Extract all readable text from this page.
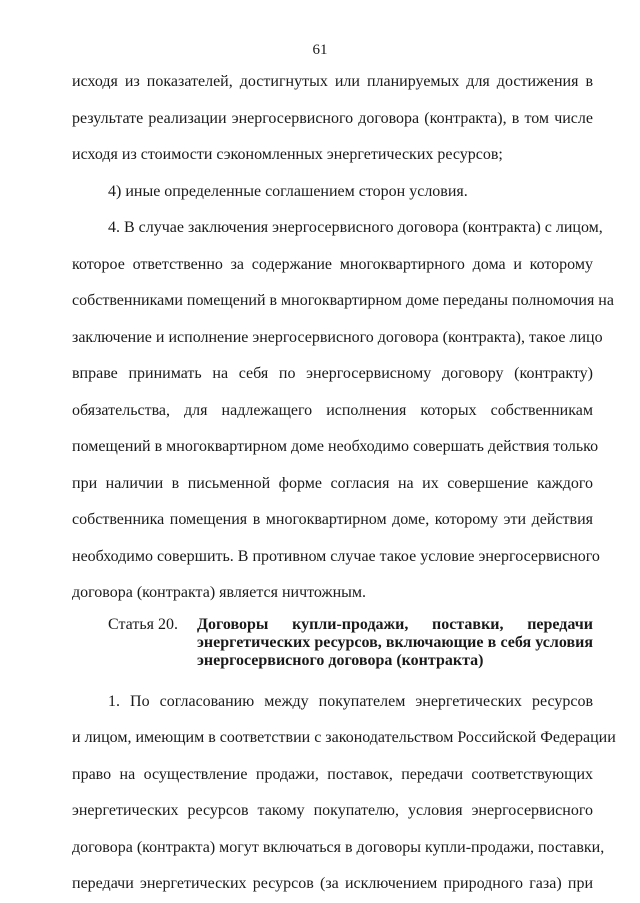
61
исходя из показателей, достигнутых или планируемых для достижения в
результате реализации энергосервисного договора (контракта), в том числе
исходя из стоимости сэкономленных энергетических ресурсов;
4) иные определенные соглашением сторон условия.
4. В случае заключения энергосервисного договора (контракта) с лицом,
которое ответственно за содержание многоквартирного дома и которому
собственниками помещений в многоквартирном доме переданы полномочия на
заключение и исполнение энергосервисного договора (контракта), такое лицо
вправе принимать на себя по энергосервисному договору (контракту)
обязательства, для надлежащего исполнения которых собственникам
помещений в многоквартирном доме необходимо совершать действия только
при наличии в письменной форме согласия на их совершение каждого
собственника помещения в многоквартирном доме, которому эти действия
необходимо совершить. В противном случае такое условие энергосервисного
договора (контракта) является ничтожным.
Статья 20.	Договоры купли-продажи, поставки, передачи
энергетических ресурсов, включающие в себя условия
энергосервисного договора (контракта)
1. По согласованию между покупателем энергетических ресурсов
и лицом, имеющим в соответствии с законодательством Российской Федерации
право на осуществление продажи, поставок, передачи соответствующих
энергетических ресурсов такому покупателю, условия энергосервисного
договора (контракта) могут включаться в договоры купли-продажи, поставки,
передачи энергетических ресурсов (за исключением природного газа) при
